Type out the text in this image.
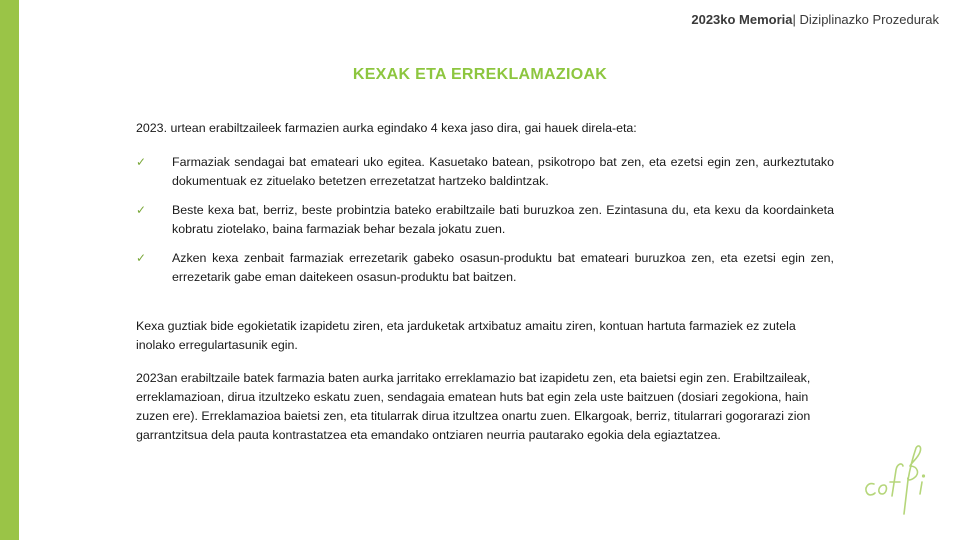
2023ko Memoria| Diziplinazko Prozedurak
KEXAK ETA ERREKLAMAZIOAK
2023. urtean erabiltzaileek farmazien aurka egindako 4 kexa jaso dira, gai hauek direla-eta:
✓	Farmaziak sendagai bat emateari uko egitea. Kasuetako batean, psikotropo bat zen, eta ezetsi egin zen, aurkeztutako dokumentuak ez zituelako betetzen errezetatzat hartzeko baldintzak.
✓	Beste kexa bat, berriz, beste probintzia bateko erabiltzaile bati buruzkoa zen. Ezintasuna du, eta kexu da koordainketa kobratu ziotelako, baina farmaziak behar bezala jokatu zuen.
✓	Azken kexa zenbait farmaziak errezetarik gabeko osasun-produktu bat emateari buruzkoa zen, eta ezetsi egin zen, errezetarik gabe eman daitekeen osasun-produktu bat baitzen.
Kexa guztiak bide egokietatik izapidetu ziren, eta jarduketak artxibatuz amaitu ziren, kontuan hartuta farmaziek ez zutela inolako erregulartasunik egin.
2023an erabiltzaile batek farmazia baten aurka jarritako erreklamazio bat izapidetu zen, eta baietsi egin zen. Erabiltzaileak, erreklamazioan, dirua itzultzeko eskatu zuen, sendagaia ematean huts bat egin zela uste baitzuen (dosiari zegokiona, hain zuzen ere). Erreklamazioa baietsi zen, eta titularrak dirua itzultzea onartu zuen. Elkargoak, berriz, titularrari gogorarazi zion garrantzitsua dela pauta kontrastatzea eta emandako ontziaren neurria pautarako egokia dela egiaztatzea.
